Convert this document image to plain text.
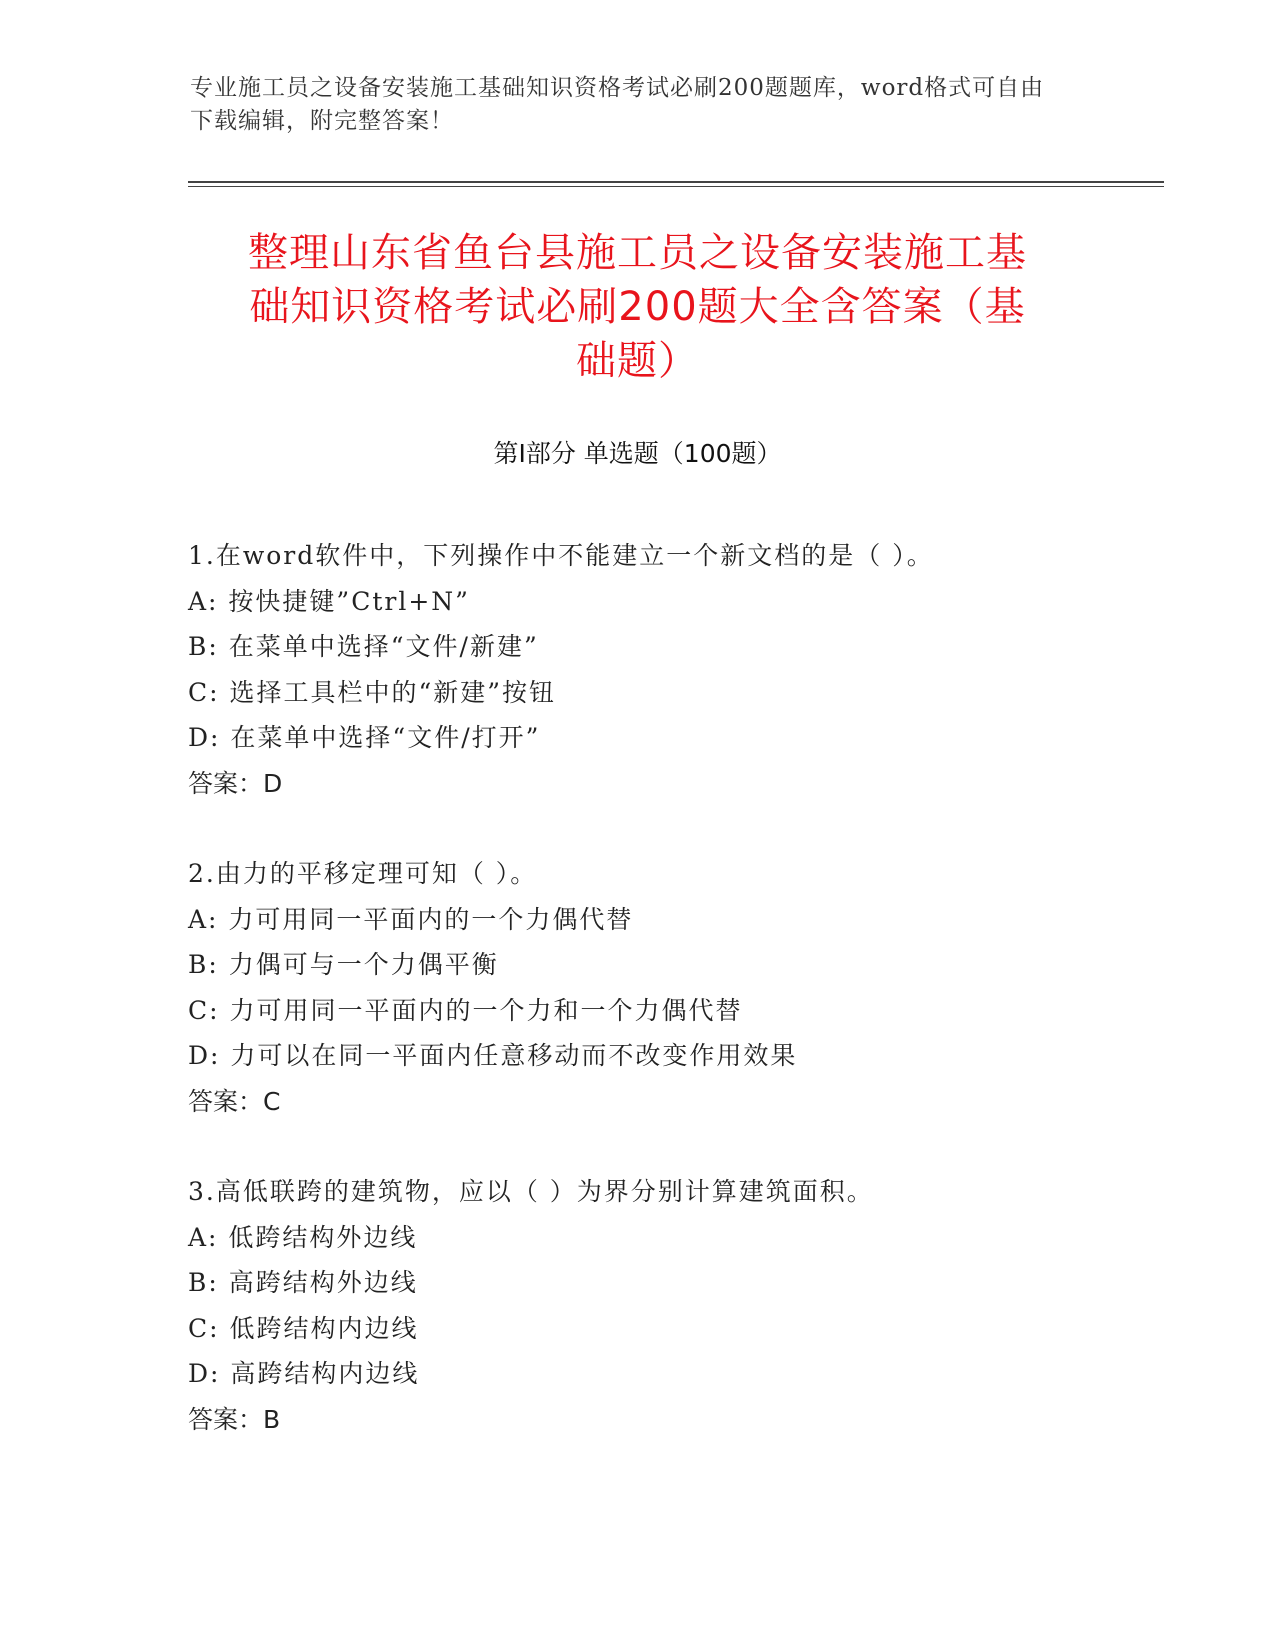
专业施工员之设备安装施工基础知识资格考试必刷200题题库，word格式可自由
下载编辑，附完整答案！
整理山东省鱼台县施工员之设备安装施工基
础知识资格考试必刷200题大全含答案（基
础题）
第Ⅰ部分 单选题（100题）
1.在word软件中，下列操作中不能建立一个新文档的是（ ）。
A: 按快捷键”Ctrl+N”
B: 在菜单中选择“文件/新建”
C: 选择工具栏中的“新建”按钮
D: 在菜单中选择“文件/打开”
答案：D
2.由力的平移定理可知（ ）。
A: 力可用同一平面内的一个力偶代替
B: 力偶可与一个力偶平衡
C: 力可用同一平面内的一个力和一个力偶代替
D: 力可以在同一平面内任意移动而不改变作用效果
答案：C
3.高低联跨的建筑物，应以（ ）为界分别计算建筑面积。
A: 低跨结构外边线
B: 高跨结构外边线
C: 低跨结构内边线
D: 高跨结构内边线
答案：B
